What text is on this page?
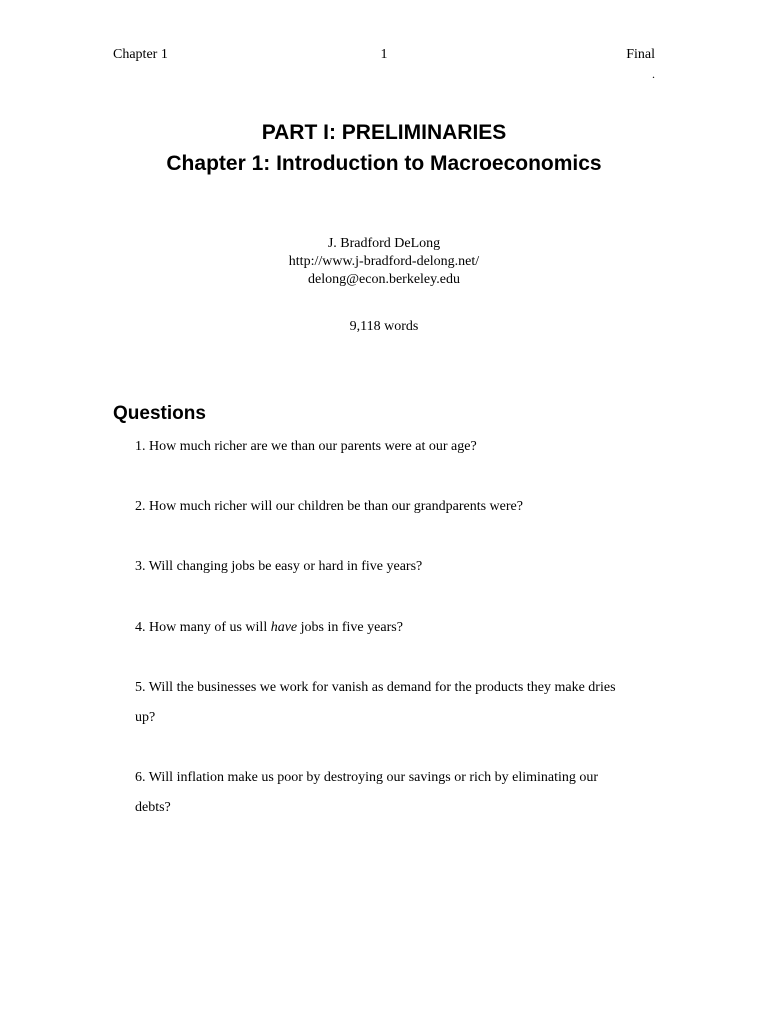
Chapter 1	1	Final
.
PART I: PRELIMINARIES
Chapter 1: Introduction to Macroeconomics
J. Bradford DeLong
http://www.j-bradford-delong.net/
delong@econ.berkeley.edu
9,118 words
Questions
1. How much richer are we than our parents were at our age?
2. How much richer will our children be than our grandparents were?
3. Will changing jobs be easy or hard in five years?
4. How many of us will have jobs in five years?
5. Will the businesses we work for vanish as demand for the products they make dries up?
6. Will inflation make us poor by destroying our savings or rich by eliminating our debts?
